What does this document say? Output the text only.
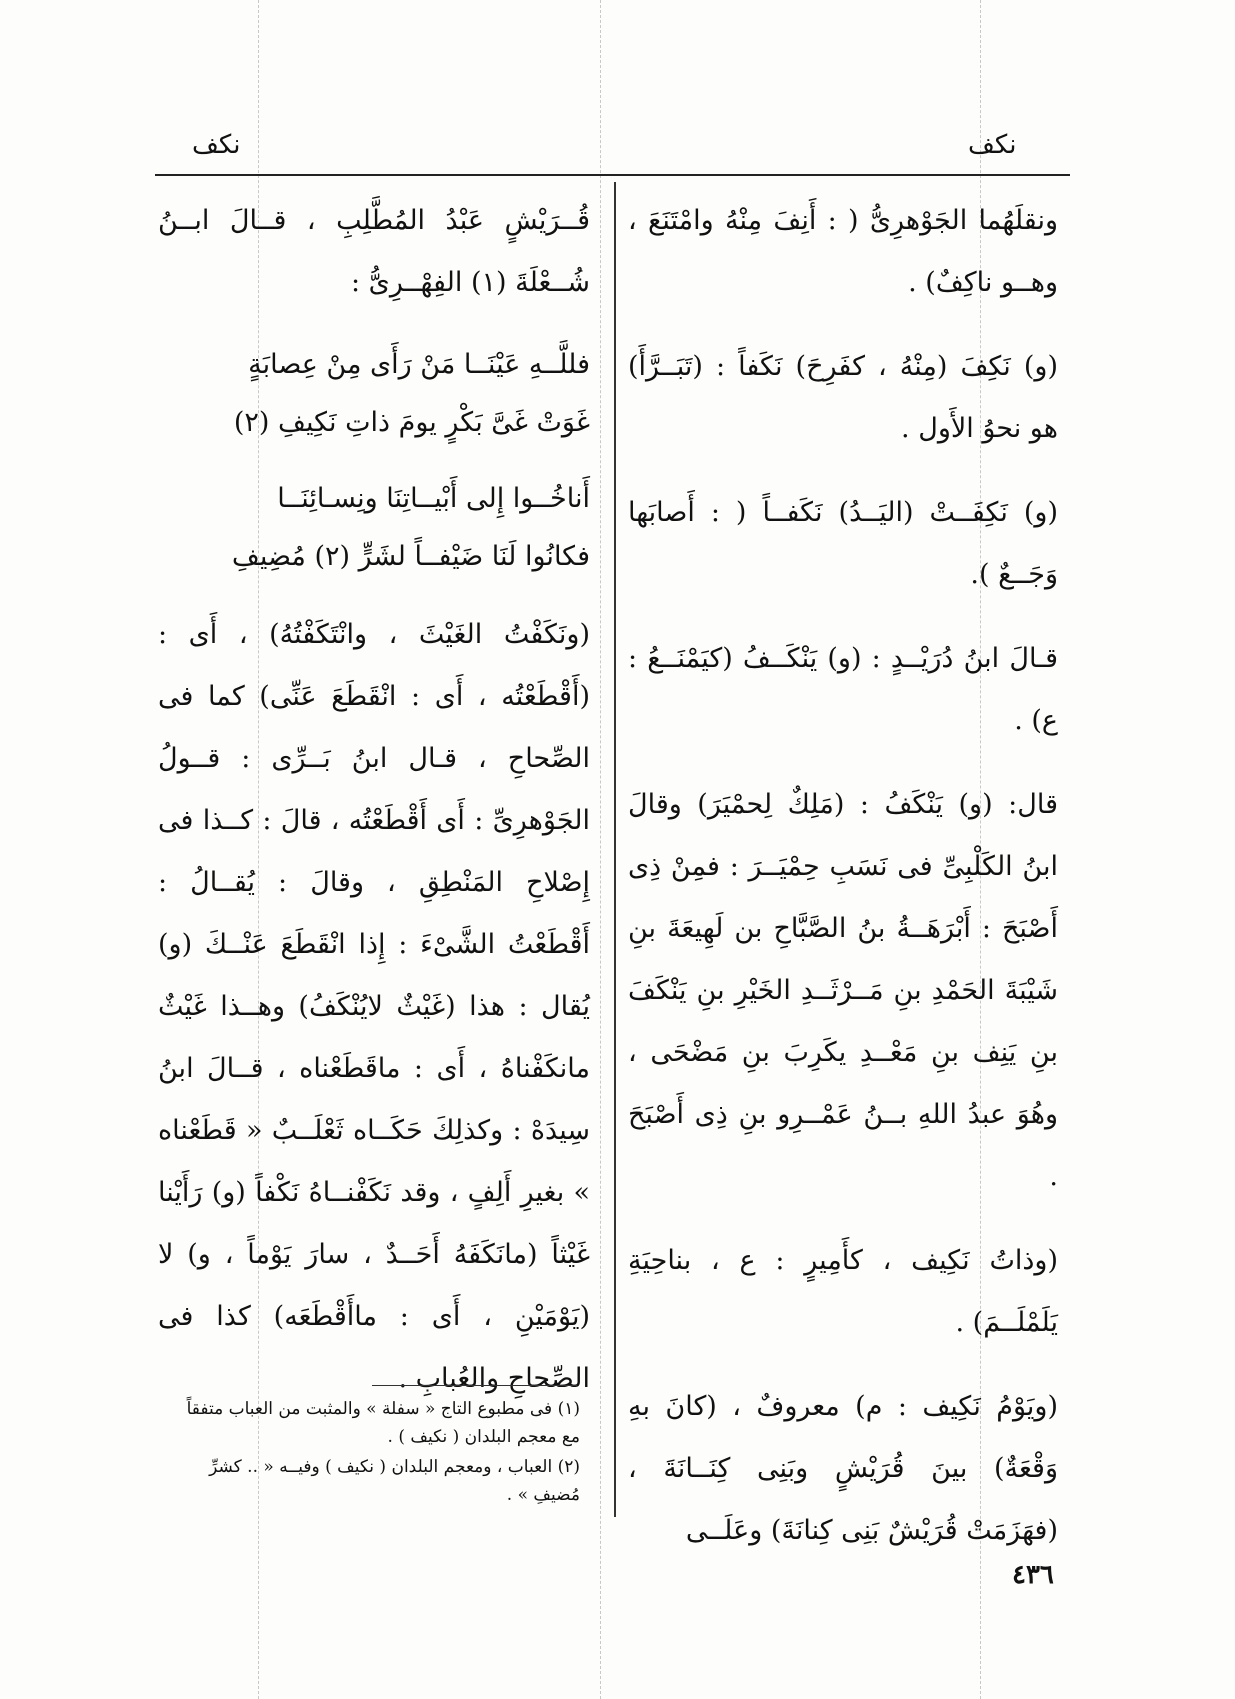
نكف	نكف

ونقلَهُما الجَوْهرِىُّ ( : أَنِفَ مِنْهُ وامْتَنَعَ ، وهــو ناكِفٌ) .

(و) نَكِفَ (مِنْهُ ، كفَرِحَ) نَكَفاً : (تَبَــرَّأَ) هو نحوُ الأَول .

(و) نَكِفَــتْ (اليَــدُ) نَكَفــاً ( : أَصابَها وَجَــعٌ ).

قـالَ ابنُ دُرَيْــدٍ : (و) يَنْكَــفُ (كيَمْنَــعُ : ع) .

قال: (و) يَنْكَفُ : (مَلِكٌ لِحمْيَرَ) وقالَ ابنُ الكَلْبِىِّ فى نَسَبِ حِمْيَــرَ : فمِنْ ذِى أَصْبَحَ : أَبْرَهَــةُ بنُ الصَّبَّاحِ بن لَهِيعَةَ بنِ شَيْبَةَ الحَمْدِ بنِ مَــرْثَــدِ الخَيْرِ بنِ يَنْكَفَ بنِ يَنِف بنِ مَعْــدِ يكَرِبَ بنِ مَضْحَى ، وهُوَ عبدُ اللهِ بــنُ عَمْــرِو بنِ ذِى أَصْبَحَ .

(وذاتُ نَكِيف ، كأَمِيرٍ : ع ، بناحِيَةِ يَلَمْلَــمَ) .

(ويَوْمُ نَكِيف : م) معروفٌ ، (كانَ بهِ وَقْعَةٌ) بينَ قُرَيْشٍ وبَنِى كِنَــانَةَ ، (فهَزَمَتْ قُرَيْشٌ بَنِى كِنانَةَ) وعَلَــى

قُــرَيْشٍ عَبْدُ المُطَّلِبِ ، قــالَ ابــنُ شُــعْلَةَ (١) الفِهْــرِىُّ :

فللَّــهِ عَيْنَــا مَنْ رَأَى مِنْ عِصابَةٍ
غَوَتْ غَىَّ بَكْرٍ يومَ ذاتِ نَكِيفِ (٢)
أَناخُــوا إِلى أَبْيــاتِنَا ونِسـائِنَــا
فكانُوا لَنَا ضَيْفــاً لشَرٍّ (٢) مُضِيفِ

(ونَكَفْتُ الغَيْثَ ، وانْتَكَفْتُهُ) ، أَى : (أَقْطَعْتُه ، أَى : انْقَطَعَ عَنِّى) كما فى الصِّحاحِ ، قـال ابنُ بَــرِّى : قــولُ الجَوْهرِىِّ : أَى أَقْطَعْتُه ، قالَ : كــذا فى إِصْلاحِ المَنْطِقِ ، وقالَ : يُقــالُ : أَقْطَعْتُ الشَّىْءَ : إِذا انْقَطَعَ عَنْــكَ (و) يُقال : هذا (غَيْثٌ لايُنْكَفُ) وهــذا غَيْثٌ مانكَفْناهُ ، أَى : ماقَطَعْناه ، قــالَ ابنُ سِيدَهْ : وكذلِكَ حَكَــاه ثَعْلَــبٌ « قَطَعْناه » بغيرِ أَلِفٍ ، وقد نَكَفْنــاهُ نَكْفاً (و) رَأَيْنا غَيْثاً (مانَكَفَهُ أَحَــدٌ ، سارَ يَوْماً ، و) لا (يَوْمَيْنِ ، أَى : ماأَقْطَعَه) كذا فى الصِّحاحِ والعُبابِ .

(١) فى مطبوع التاج « سفلة » والمثبت من العباب متفقاً مع معجم البلدان ( نكيف ) .
(٢) العباب ، ومعجم البلدان ( نكيف ) وفيــه « .. كشرِّ مُضيفِ » .
٤٣٦
